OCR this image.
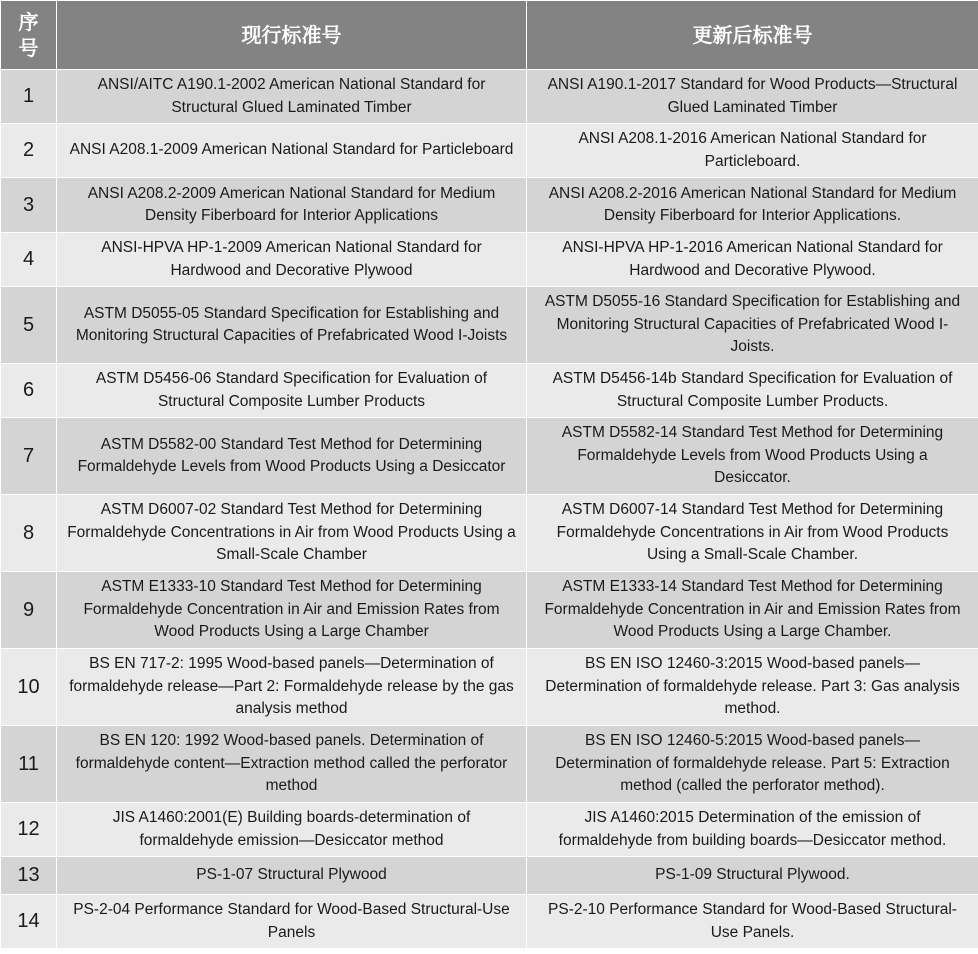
序
号	现行标准号	更新后标准号
1	ANSI/AITC A190.1-2002 American National Standard for Structural Glued Laminated Timber	ANSI A190.1-2017 Standard for Wood Products—Structural Glued Laminated Timber
2	ANSI A208.1-2009 American National Standard for Particleboard	ANSI A208.1-2016 American National Standard for Particleboard.
3	ANSI A208.2-2009 American National Standard for Medium Density Fiberboard for Interior Applications	ANSI A208.2-2016 American National Standard for Medium Density Fiberboard for Interior Applications.
4	ANSI-HPVA HP-1-2009 American National Standard for Hardwood and Decorative Plywood	ANSI-HPVA HP-1-2016 American National Standard for Hardwood and Decorative Plywood.
5	ASTM D5055-05 Standard Specification for Establishing and Monitoring Structural Capacities of Prefabricated Wood I-Joists	ASTM D5055-16 Standard Specification for Establishing and Monitoring Structural Capacities of Prefabricated Wood I-Joists.
6	ASTM D5456-06 Standard Specification for Evaluation of Structural Composite Lumber Products	ASTM D5456-14b Standard Specification for Evaluation of Structural Composite Lumber Products.
7	ASTM D5582-00 Standard Test Method for Determining Formaldehyde Levels from Wood Products Using a Desiccator	ASTM D5582-14 Standard Test Method for Determining Formaldehyde Levels from Wood Products Using a Desiccator.
8	ASTM D6007-02 Standard Test Method for Determining Formaldehyde Concentrations in Air from Wood Products Using a Small-Scale Chamber	ASTM D6007-14 Standard Test Method for Determining Formaldehyde Concentrations in Air from Wood Products Using a Small-Scale Chamber.
9	ASTM E1333-10 Standard Test Method for Determining Formaldehyde Concentration in Air and Emission Rates from Wood Products Using a Large Chamber	ASTM E1333-14 Standard Test Method for Determining Formaldehyde Concentration in Air and Emission Rates from Wood Products Using a Large Chamber.
10	BS EN 717-2: 1995 Wood-based panels—Determination of formaldehyde release—Part 2: Formaldehyde release by the gas analysis method	BS EN ISO 12460-3:2015 Wood-based panels—Determination of formaldehyde release. Part 3: Gas analysis method.
11	BS EN 120: 1992 Wood-based panels. Determination of formaldehyde content—Extraction method called the perforator method	BS EN ISO 12460-5:2015 Wood-based panels—Determination of formaldehyde release. Part 5: Extraction method (called the perforator method).
12	JIS A1460:2001(E) Building boards-determination of formaldehyde emission—Desiccator method	JIS A1460:2015 Determination of the emission of formaldehyde from building boards—Desiccator method.
13	PS-1-07 Structural Plywood	PS-1-09 Structural Plywood.
14	PS-2-04 Performance Standard for Wood-Based Structural-Use Panels	PS-2-10 Performance Standard for Wood-Based Structural-Use Panels.
